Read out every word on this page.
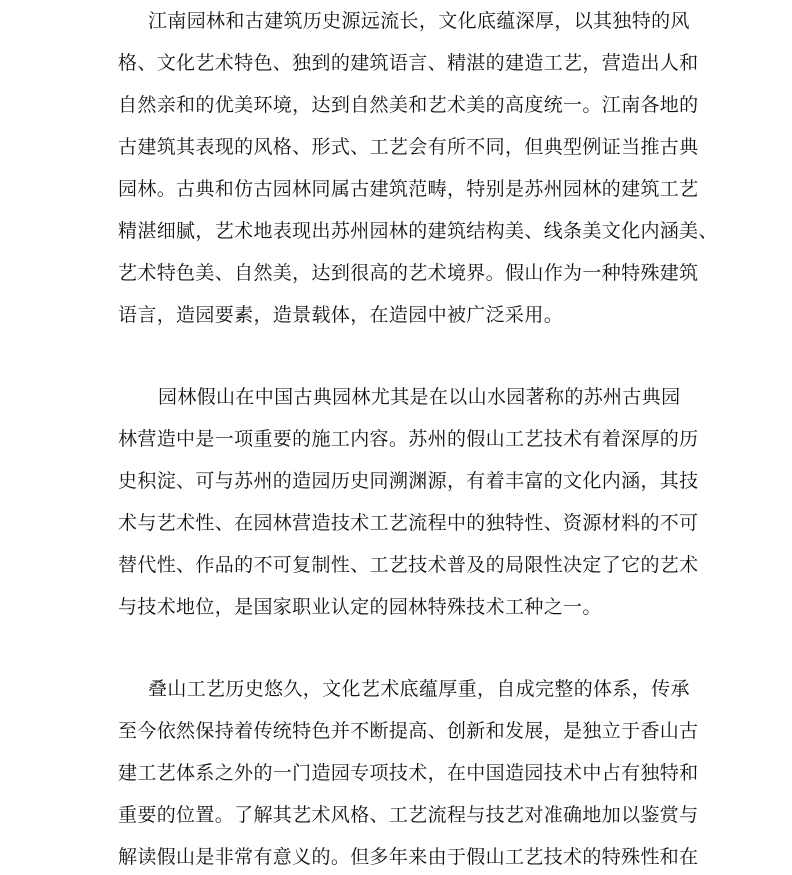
江南园林和古建筑历史源远流长，文化底蕴深厚，以其独特的风
格、文化艺术特色、独到的建筑语言、精湛的建造工艺，营造出人和
自然亲和的优美环境，达到自然美和艺术美的高度统一。江南各地的
古建筑其表现的风格、形式、工艺会有所不同，但典型例证当推古典
园林。古典和仿古园林同属古建筑范畴，特别是苏州园林的建筑工艺
精湛细腻，艺术地表现出苏州园林的建筑结构美、线条美文化内涵美、
艺术特色美、自然美，达到很高的艺术境界。假山作为一种特殊建筑
语言，造园要素，造景载体，在造园中被广泛采用。
园林假山在中国古典园林尤其是在以山水园著称的苏州古典园
林营造中是一项重要的施工内容。苏州的假山工艺技术有着深厚的历
史积淀、可与苏州的造园历史同溯渊源，有着丰富的文化内涵，其技
术与艺术性、在园林营造技术工艺流程中的独特性、资源材料的不可
替代性、作品的不可复制性、工艺技术普及的局限性决定了它的艺术
与技术地位，是国家职业认定的园林特殊技术工种之一。
叠山工艺历史悠久，文化艺术底蕴厚重，自成完整的体系，传承
至今依然保持着传统特色并不断提高、创新和发展，是独立于香山古
建工艺体系之外的一门造园专项技术，在中国造园技术中占有独特和
重要的位置。了解其艺术风格、工艺流程与技艺对准确地加以鉴赏与
解读假山是非常有意义的。但多年来由于假山工艺技术的特殊性和在
